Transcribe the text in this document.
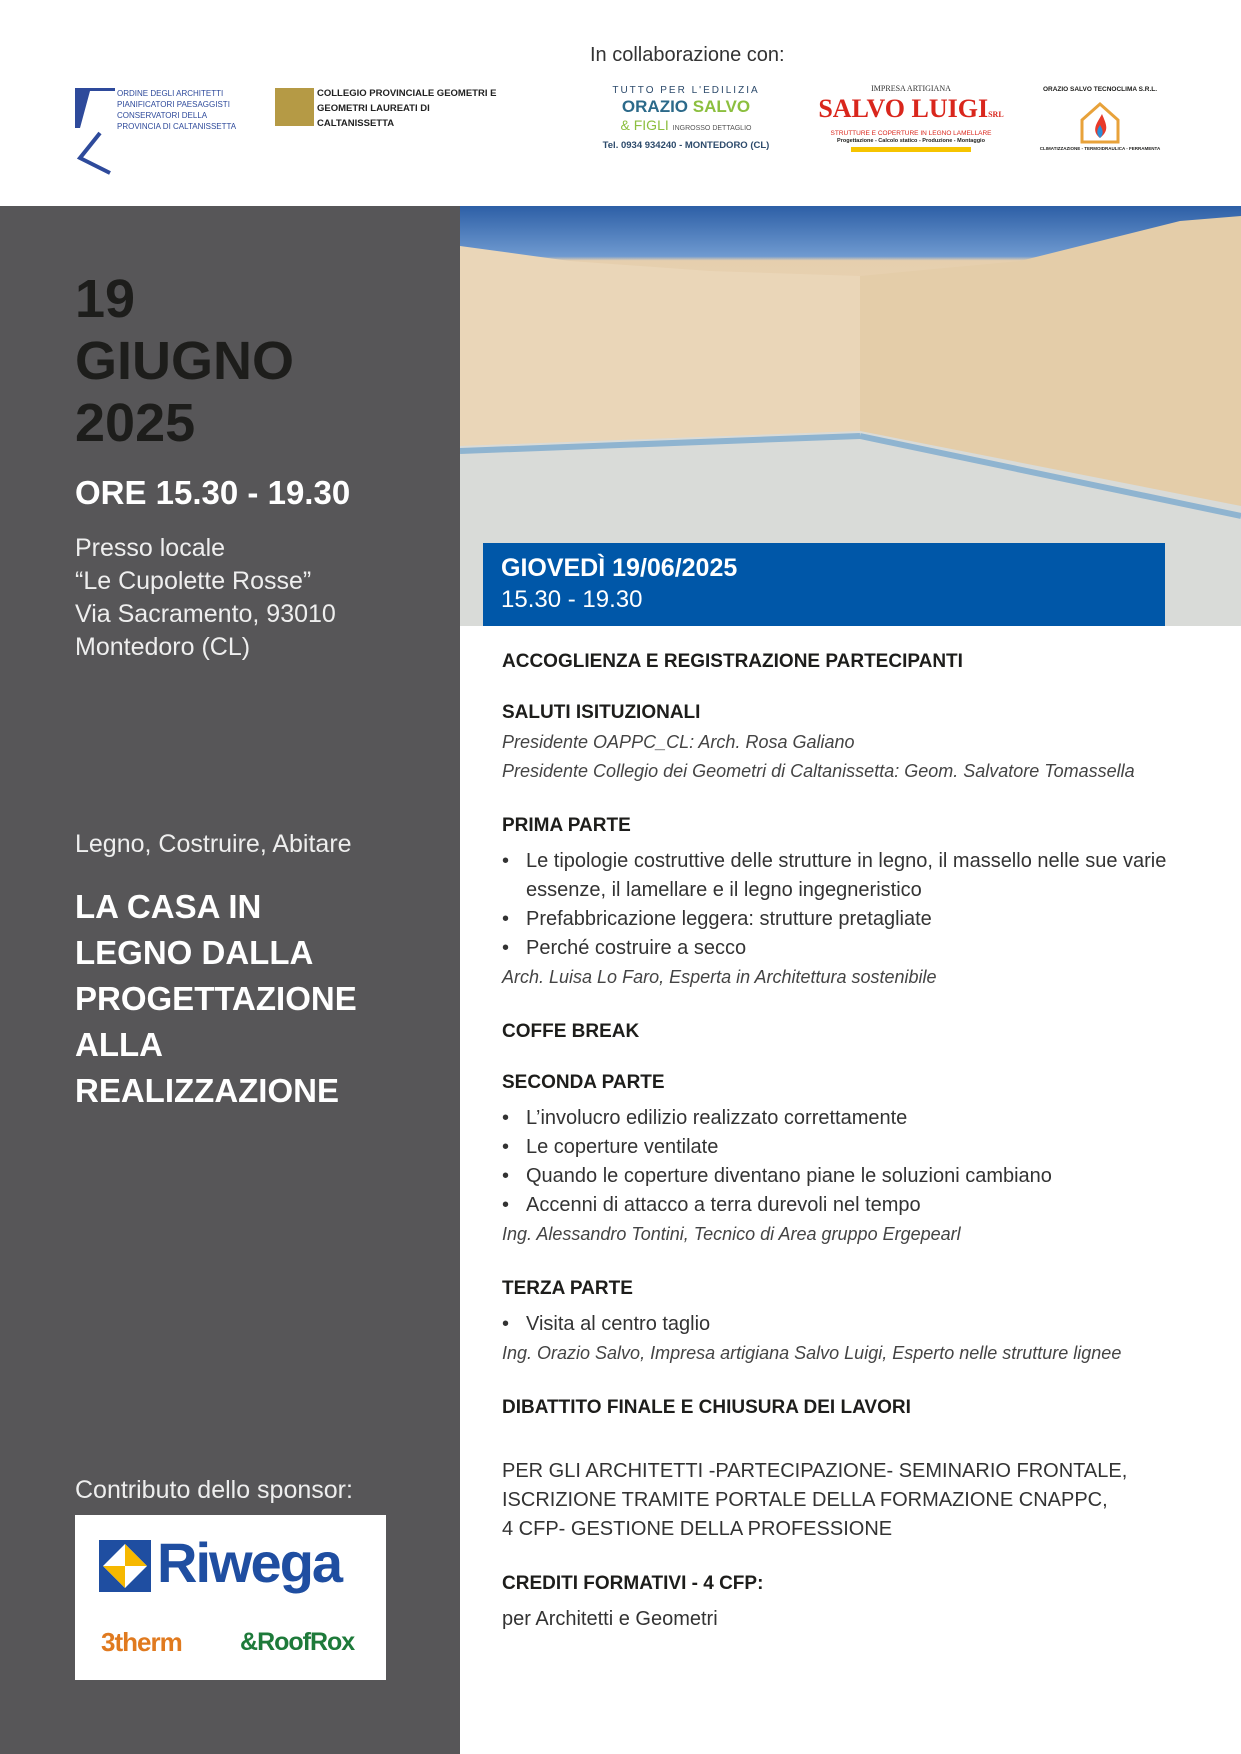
In collaborazione con:
ORDINE DEGLI ARCHITETTI
PIANIFICATORI PAESAGGISTI
CONSERVATORI DELLA
PROVINCIA DI CALTANISSETTA
COLLEGIO PROVINCIALE GEOMETRI E
GEOMETRI LAUREATI DI
CALTANISSETTA
TUTTO PER L'EDILIZIA
ORAZIO SALVO
& FIGLI INGROSSO DETTAGLIO
Tel. 0934 934240 - MONTEDORO (CL)
IMPRESA ARTIGIANA
SALVO LUIGISRL
STRUTTURE E COPERTURE IN LEGNO LAMELLARE
Progettazione - Calcolo statico - Produzione - Montaggio
ORAZIO SALVO TECNOCLIMA S.R.L.
CLIMATIZZAZIONE - TERMOIDRAULICA - FERRAMENTA
19
GIUGNO
2025
ORE 15.30 - 19.30
Presso locale
“Le Cupolette Rosse”
Via Sacramento, 93010
Montedoro (CL)
Legno, Costruire, Abitare
LA CASA IN
LEGNO DALLA
PROGETTAZIONE
ALLA
REALIZZAZIONE
Contributo dello sponsor:
Riwega
3therm &RoofRox
GIOVEDÌ 19/06/2025
15.30 - 19.30
ACCOGLIENZA E REGISTRAZIONE PARTECIPANTI
SALUTI ISITUZIONALI
Presidente OAPPC_CL: Arch. Rosa Galiano
Presidente Collegio dei Geometri di Caltanissetta: Geom. Salvatore Tomassella
PRIMA PARTE
• Le tipologie costruttive delle strutture in legno, il massello nelle sue varie essenze, il lamellare e il legno ingegneristico
• Prefabbricazione leggera: strutture pretagliate
• Perché costruire a secco
Arch. Luisa Lo Faro, Esperta in Architettura sostenibile
COFFE BREAK
SECONDA PARTE
• L’involucro edilizio realizzato correttamente
• Le coperture ventilate
• Quando le coperture diventano piane le soluzioni cambiano
• Accenni di attacco a terra durevoli nel tempo
Ing. Alessandro Tontini, Tecnico di Area gruppo Ergepearl
TERZA PARTE
• Visita al centro taglio
Ing. Orazio Salvo, Impresa artigiana Salvo Luigi, Esperto nelle strutture lignee
DIBATTITO FINALE E CHIUSURA DEI LAVORI
PER GLI ARCHITETTI -PARTECIPAZIONE- SEMINARIO FRONTALE,
ISCRIZIONE TRAMITE PORTALE DELLA FORMAZIONE CNAPPC,
4 CFP- GESTIONE DELLA PROFESSIONE
CREDITI FORMATIVI - 4 CFP:
per Architetti e Geometri
